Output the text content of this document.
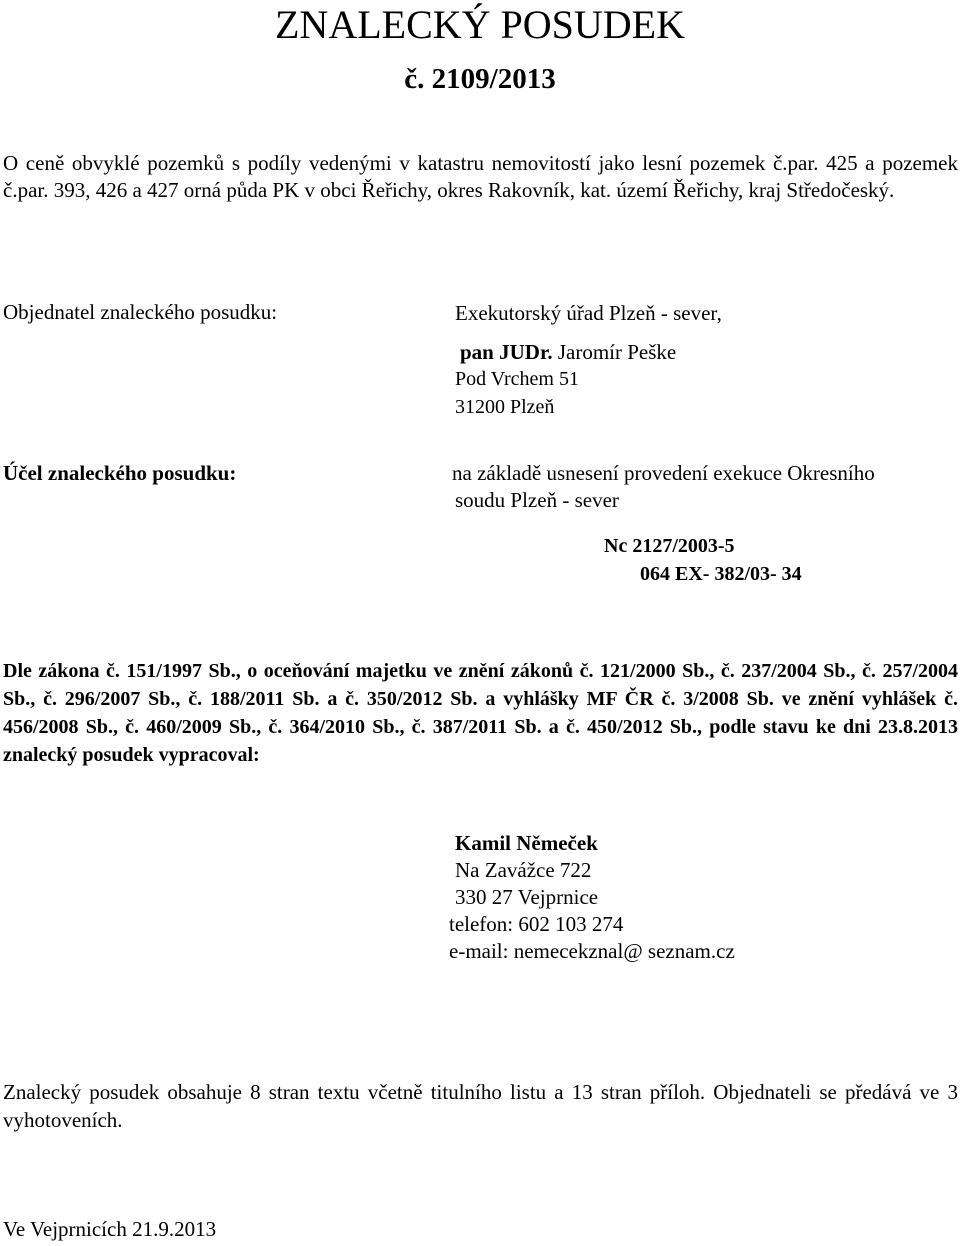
ZNALECKÝ POSUDEK
č. 2109/2013
O ceně obvyklé pozemků s podíly vedenými v katastru nemovitostí jako lesní pozemek č.par. 425 a pozemek č.par. 393, 426 a 427 orná půda PK v obci Řeřichy, okres Rakovník, kat. území Řeřichy, kraj Středočeský.
Objednatel znaleckého posudku:	Exekutorský úřad Plzeň - sever,
pan JUDr. Jaromír Peške
Pod Vrchem 51
31200 Plzeň
Účel znaleckého posudku:	na základě usnesení provedení exekuce Okresního
soudu Plzeň - sever
Nc 2127/2003-5
064 EX- 382/03- 34
Dle zákona č. 151/1997 Sb., o oceňování majetku ve znění zákonů č. 121/2000 Sb., č. 237/2004 Sb., č. 257/2004 Sb., č. 296/2007 Sb., č. 188/2011 Sb. a č. 350/2012 Sb. a vyhlášky MF ČR č. 3/2008 Sb. ve znění vyhlášek č. 456/2008 Sb., č. 460/2009 Sb., č. 364/2010 Sb., č. 387/2011 Sb. a č. 450/2012 Sb., podle stavu ke dni 23.8.2013 znalecký posudek vypracoval:
Kamil Němeček
Na Zavážce 722
330 27 Vejprnice
telefon: 602 103 274
e-mail: nemecekznal@ seznam.cz
Znalecký posudek obsahuje 8 stran textu včetně titulního listu a 13 stran příloh. Objednateli se předává ve 3 vyhotoveních.
Ve Vejprnicích 21.9.2013
